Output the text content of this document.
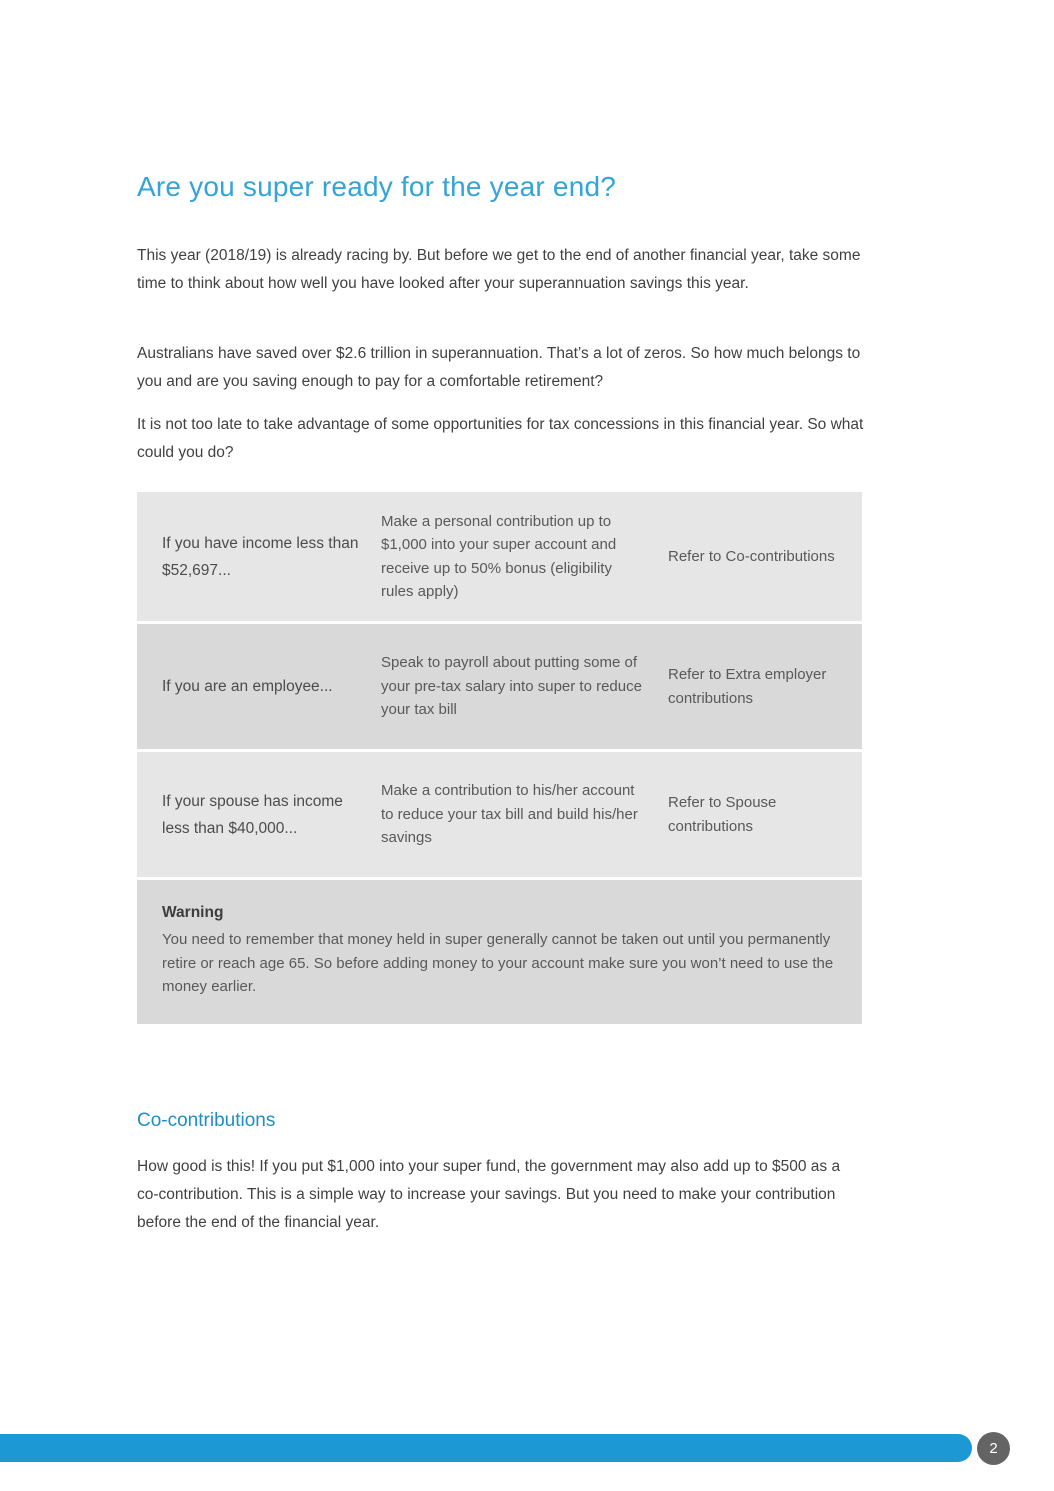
Are you super ready for the year end?

This year (2018/19) is already racing by. But before we get to the end of another financial year, take some time to think about how well you have looked after your superannuation savings this year.

Australians have saved over $2.6 trillion in superannuation. That’s a lot of zeros. So how much belongs to you and are you saving enough to pay for a comfortable retirement?

It is not too late to take advantage of some opportunities for tax concessions in this financial year. So what could you do?

If you have income less than $52,697...
Make a personal contribution up to $1,000 into your super account and receive up to 50% bonus (eligibility rules apply)
Refer to Co-contributions
If you are an employee...
Speak to payroll about putting some of your pre-tax salary into super to reduce your tax bill
Refer to Extra employer contributions
If your spouse has income less than $40,000...
Make a contribution to his/her account to reduce your tax bill and build his/her savings
Refer to Spouse contributions
Warning
You need to remember that money held in super generally cannot be taken out until you permanently retire or reach age 65. So before adding money to your account make sure you won’t need to use the money earlier.
Co-contributions

How good is this! If you put $1,000 into your super fund, the government may also add up to $500 as a co-contribution. This is a simple way to increase your savings. But you need to make your contribution before the end of the financial year.

2
